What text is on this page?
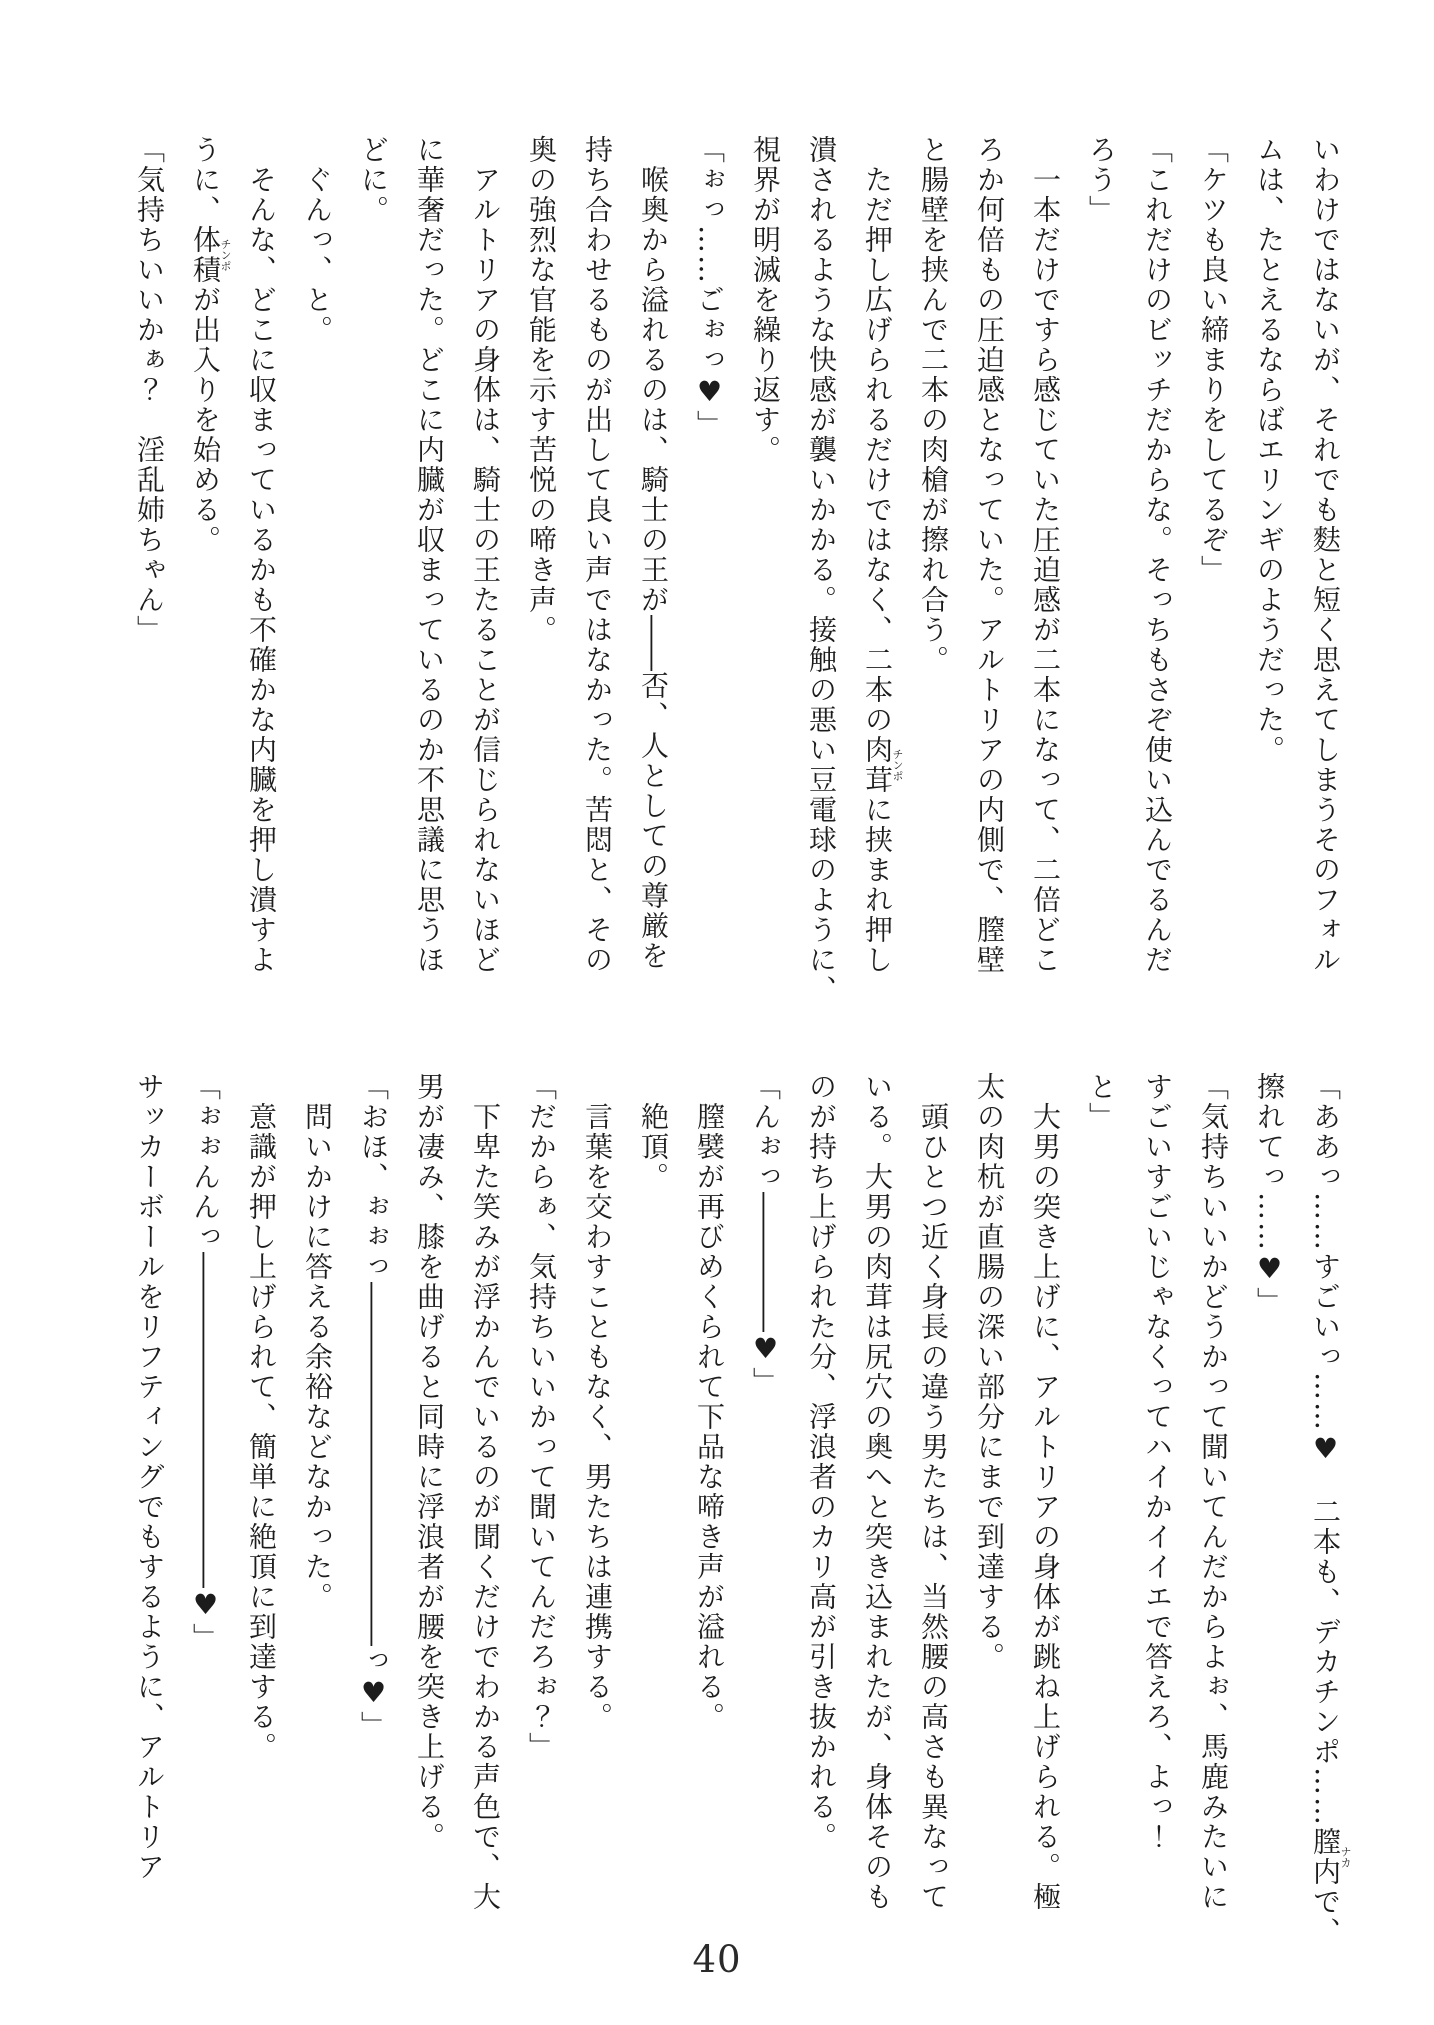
いわけではないが、それでも麩と短く思えてしまうそのフォル

ムは、たとえるならばエリンギのようだった。

「ケツも良い締まりをしてるぞ」

「これだけのビッチだからな。そっちもさぞ使い込んでるんだ

ろう」

　一本だけですら感じていた圧迫感が二本になって、二倍どこ

ろか何倍もの圧迫感となっていた。アルトリアの内側で、膣壁

と腸壁を挟んで二本の肉槍が擦れ合う。

　ただ押し広げられるだけではなく、二本の肉茸チンポに挟まれ押し

潰されるような快感が襲いかかる。接触の悪い豆電球のように、

視界が明滅を繰り返す。

「ぉっ……ごぉっ♥」

　喉奥から溢れるのは、騎士の王が――否、人としての尊厳を

持ち合わせるものが出して良い声ではなかった。苦悶と、その

奥の強烈な官能を示す苦悦の啼き声。

　アルトリアの身体は、騎士の王たることが信じられないほど

に華奢だった。どこに内臓が収まっているのか不思議に思うほ

どに。

　ぐんっ、と。

　そんな、どこに収まっているかも不確かな内臓を押し潰すよ

うに、体積チンポが出入りを始める。

「気持ちいいかぁ？　淫乱姉ちゃん」

「ああっ……すごいっ……♥　二本も、デカチンポ……膣内ナカで、

擦れてっ……♥」

「気持ちいいかどうかって聞いてんだからよぉ、馬鹿みたいに

すごいすごいじゃなくってハイかイイエで答えろ、よっ！

と」

　大男の突き上げに、アルトリアの身体が跳ね上げられる。極

太の肉杭が直腸の深い部分にまで到達する。

　頭ひとつ近く身長の違う男たちは、当然腰の高さも異なって

いる。大男の肉茸は尻穴の奥へと突き込まれたが、身体そのも

のが持ち上げられた分、浮浪者のカリ高が引き抜かれる。

「んぉっ―――――♥」

　膣襞が再びめくられて下品な啼き声が溢れる。

　絶頂。

　言葉を交わすこともなく、男たちは連携する。

「だからぁ、気持ちいいかって聞いてんだろぉ？」

　下卑た笑みが浮かんでいるのが聞くだけでわかる声色で、大

男が凄み、膝を曲げると同時に浮浪者が腰を突き上げる。

「おほ、ぉぉっ―――――――――――――っ♥」

　問いかけに答える余裕などなかった。

　意識が押し上げられて、簡単に絶頂に到達する。

「ぉぉんんっ――――――――――――♥」

サッカーボールをリフティングでもするように、アルトリア

40
